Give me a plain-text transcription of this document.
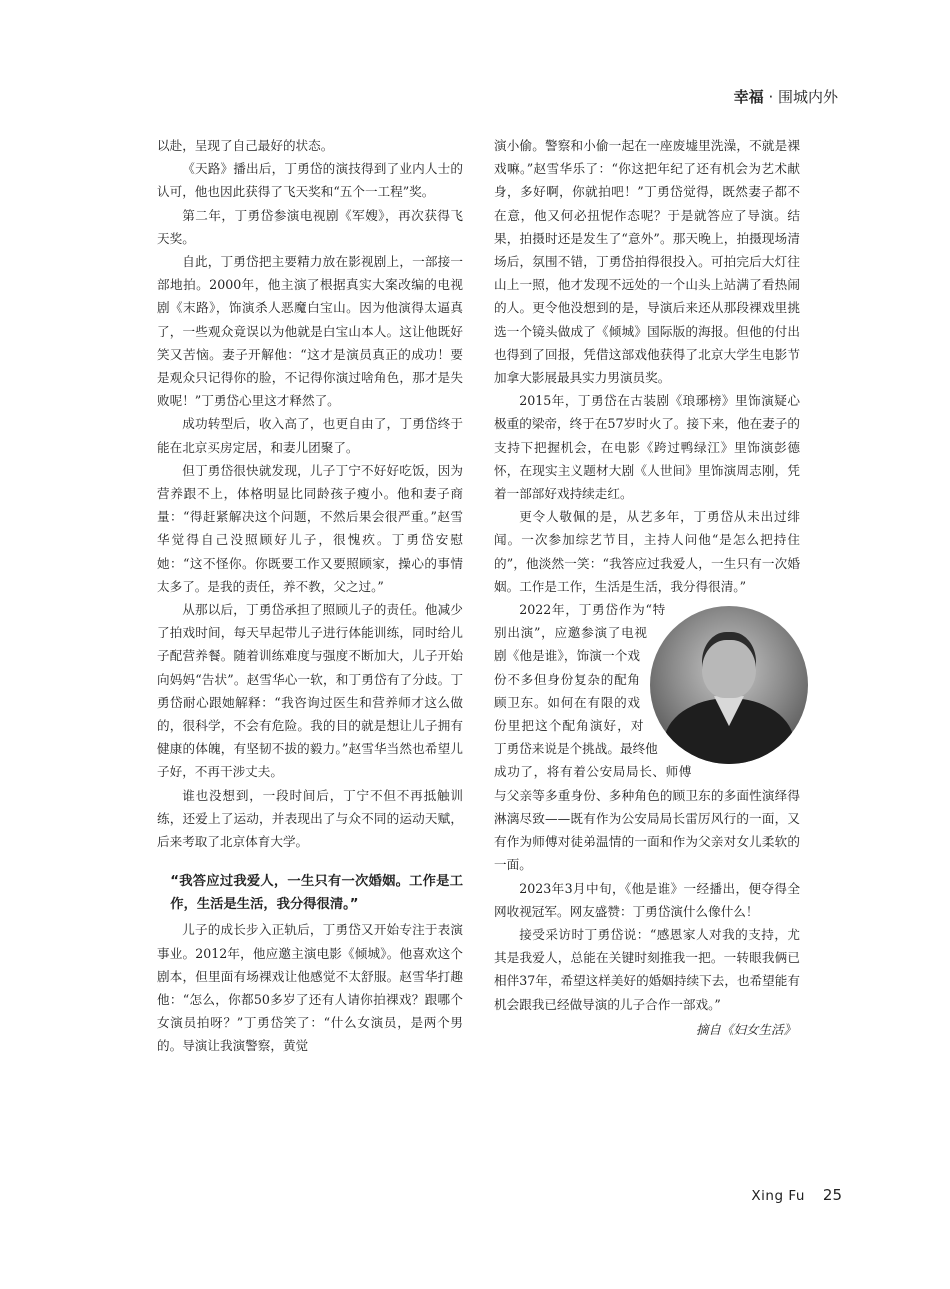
幸福 · 围城内外

以赴，呈现了自己最好的状态。

《天路》播出后，丁勇岱的演技得到了业内人士的认可，他也因此获得了飞天奖和“五个一工程”奖。

第二年，丁勇岱参演电视剧《军嫂》，再次获得飞天奖。

自此，丁勇岱把主要精力放在影视剧上，一部接一部地拍。2000年，他主演了根据真实大案改编的电视剧《末路》，饰演杀人恶魔白宝山。因为他演得太逼真了，一些观众竟误以为他就是白宝山本人。这让他既好笑又苦恼。妻子开解他：“这才是演员真正的成功！要是观众只记得你的脸，不记得你演过啥角色，那才是失败呢！”丁勇岱心里这才释然了。

成功转型后，收入高了，也更自由了，丁勇岱终于能在北京买房定居，和妻儿团聚了。

但丁勇岱很快就发现，儿子丁宁不好好吃饭，因为营养跟不上，体格明显比同龄孩子瘦小。他和妻子商量：“得赶紧解决这个问题，不然后果会很严重。”赵雪华觉得自己没照顾好儿子，很愧疚。丁勇岱安慰她：“这不怪你。你既要工作又要照顾家，操心的事情太多了。是我的责任，养不教，父之过。”

从那以后，丁勇岱承担了照顾儿子的责任。他减少了拍戏时间，每天早起带儿子进行体能训练，同时给儿子配营养餐。随着训练难度与强度不断加大，儿子开始向妈妈“告状”。赵雪华心一软，和丁勇岱有了分歧。丁勇岱耐心跟她解释：“我咨询过医生和营养师才这么做的，很科学，不会有危险。我的目的就是想让儿子拥有健康的体魄，有坚韧不拔的毅力。”赵雪华当然也希望儿子好，不再干涉丈夫。

谁也没想到，一段时间后，丁宁不但不再抵触训练，还爱上了运动，并表现出了与众不同的运动天赋，后来考取了北京体育大学。

“我答应过我爱人，一生只有一次婚姻。工作是工作，生活是生活，我分得很清。”

儿子的成长步入正轨后，丁勇岱又开始专注于表演事业。2012年，他应邀主演电影《倾城》。他喜欢这个剧本，但里面有场裸戏让他感觉不太舒服。赵雪华打趣他：“怎么，你都50多岁了还有人请你拍裸戏？跟哪个女演员拍呀？”丁勇岱笑了：“什么女演员，是两个男的。导演让我演警察，黄觉

演小偷。警察和小偷一起在一座废墟里洗澡，不就是裸戏嘛。”赵雪华乐了：“你这把年纪了还有机会为艺术献身，多好啊，你就拍吧！”丁勇岱觉得，既然妻子都不在意，他又何必扭怩作态呢？于是就答应了导演。结果，拍摄时还是发生了“意外”。那天晚上，拍摄现场清场后，氛围不错，丁勇岱拍得很投入。可拍完后大灯往山上一照，他才发现不远处的一个山头上站满了看热闹的人。更令他没想到的是，导演后来还从那段裸戏里挑选一个镜头做成了《倾城》国际版的海报。但他的付出也得到了回报，凭借这部戏他获得了北京大学生电影节加拿大影展最具实力男演员奖。

2015年，丁勇岱在古装剧《琅琊榜》里饰演疑心极重的梁帝，终于在57岁时火了。接下来，他在妻子的支持下把握机会，在电影《跨过鸭绿江》里饰演彭德怀，在现实主义题材大剧《人世间》里饰演周志刚，凭着一部部好戏持续走红。

更令人敬佩的是，从艺多年，丁勇岱从未出过绯闻。一次参加综艺节目，主持人问他“是怎么把持住的”，他淡然一笑：“我答应过我爱人，一生只有一次婚姻。工作是工作，生活是生活，我分得很清。”

2022年，丁勇岱作为“特别出演”，应邀参演了电视剧《他是谁》，饰演一个戏份不多但身份复杂的配角顾卫东。如何在有限的戏份里把这个配角演好，对丁勇岱来说是个挑战。最终他成功了，将有着公安局局长、师傅与父亲等多重身份、多种角色的顾卫东的多面性演绎得淋漓尽致——既有作为公安局局长雷厉风行的一面，又有作为师傅对徒弟温情的一面和作为父亲对女儿柔软的一面。

2023年3月中旬，《他是谁》一经播出，便夺得全网收视冠军。网友盛赞：丁勇岱演什么像什么！

接受采访时丁勇岱说：“感恩家人对我的支持，尤其是我爱人，总能在关键时刻推我一把。一转眼我俩已相伴37年，希望这样美好的婚姻持续下去，也希望能有机会跟我已经做导演的儿子合作一部戏。”

摘自《妇女生活》
Xing Fu 25
